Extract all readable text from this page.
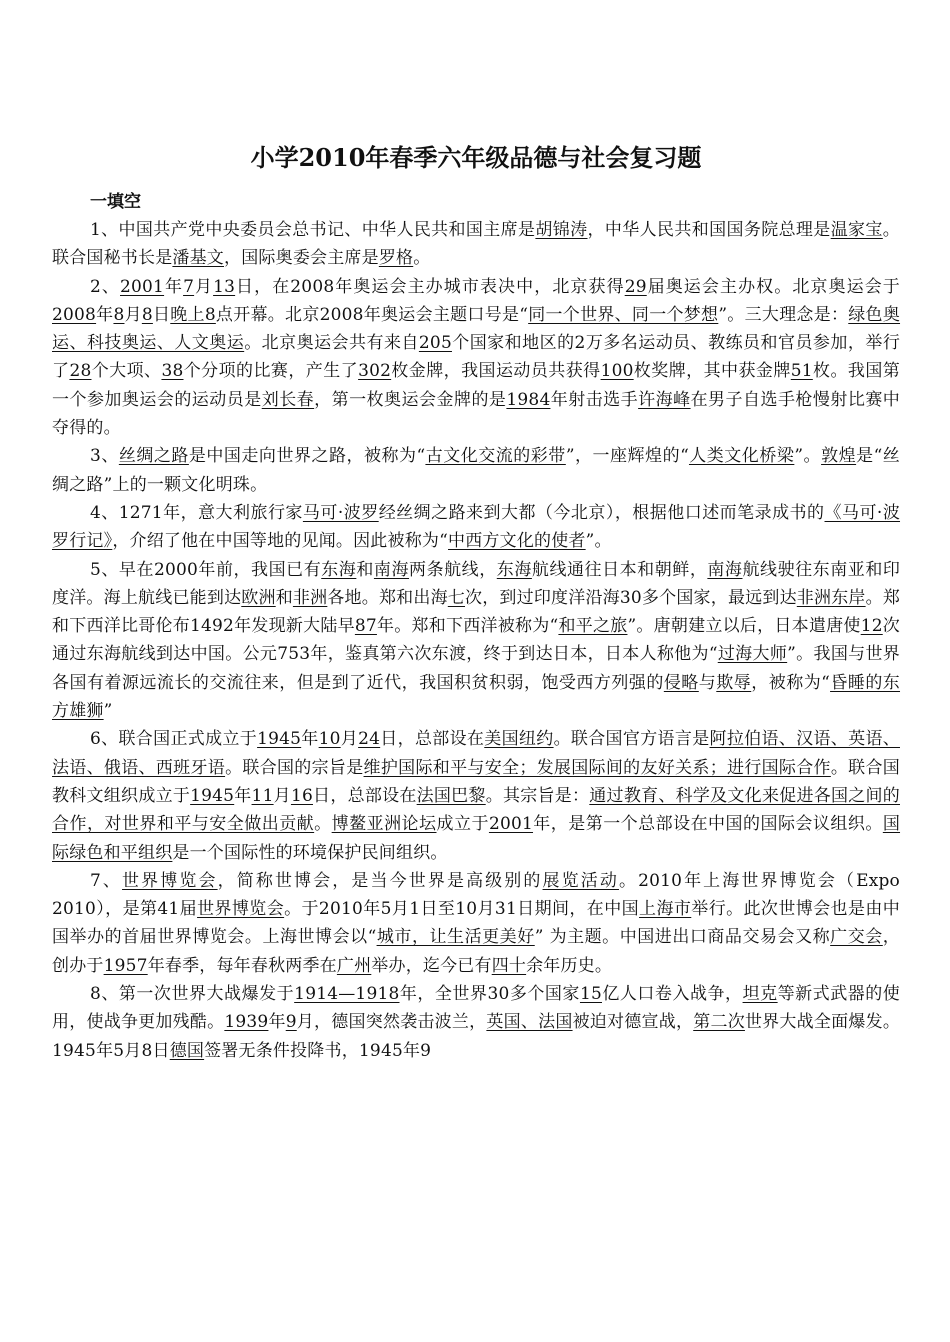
小学2010年春季六年级品德与社会复习题
一填空

1、中国共产党中央委员会总书记、中华人民共和国主席是胡锦涛，中华人民共和国国务院总理是温家宝。联合国秘书长是潘基文，国际奥委会主席是罗格。

2、2001年7月13日，在2008年奥运会主办城市表决中，北京获得29届奥运会主办权。北京奥运会于2008年8月8日晚上8点开幕。北京2008年奥运会主题口号是“同一个世界、同一个梦想”。三大理念是：绿色奥运、科技奥运、人文奥运。北京奥运会共有来自205个国家和地区的2万多名运动员、教练员和官员参加，举行了28个大项、38个分项的比赛，产生了302枚金牌，我国运动员共获得100枚奖牌，其中获金牌51枚。我国第一个参加奥运会的运动员是刘长春，第一枚奥运会金牌的是1984年射击选手许海峰在男子自选手枪慢射比赛中夺得的。

3、丝绸之路是中国走向世界之路，被称为“古文化交流的彩带”，一座辉煌的“人类文化桥梁”。敦煌是“丝绸之路”上的一颗文化明珠。

4、1271年，意大利旅行家马可·波罗经丝绸之路来到大都（今北京），根据他口述而笔录成书的《马可·波罗行记》，介绍了他在中国等地的见闻。因此被称为“中西方文化的使者”。

5、早在2000年前，我国已有东海和南海两条航线，东海航线通往日本和朝鲜，南海航线驶往东南亚和印度洋。海上航线已能到达欧洲和非洲各地。郑和出海七次，到过印度洋沿海30多个国家，最远到达非洲东岸。郑和下西洋比哥伦布1492年发现新大陆早87年。郑和下西洋被称为“和平之旅”。唐朝建立以后，日本遣唐使12次通过东海航线到达中国。公元753年，鉴真第六次东渡，终于到达日本，日本人称他为“过海大师”。我国与世界各国有着源远流长的交流往来，但是到了近代，我国积贫积弱，饱受西方列强的侵略与欺辱，被称为“昏睡的东方雄狮”

6、联合国正式成立于1945年10月24日，总部设在美国纽约。联合国官方语言是阿拉伯语、汉语、英语、法语、俄语、西班牙语。联合国的宗旨是维护国际和平与安全；发展国际间的友好关系；进行国际合作。联合国教科文组织成立于1945年11月16日，总部设在法国巴黎。其宗旨是：通过教育、科学及文化来促进各国之间的合作，对世界和平与安全做出贡献。博鳌亚洲论坛成立于2001年，是第一个总部设在中国的国际会议组织。国际绿色和平组织是一个国际性的环境保护民间组织。

7、世界博览会，简称世博会，是当今世界是高级别的展览活动。2010年上海世界博览会（Expo 2010），是第41届世界博览会。于2010年5月1日至10月31日期间，在中国上海市举行。此次世博会也是由中国举办的首届世界博览会。上海世博会以“城市，让生活更美好” 为主题。中国进出口商品交易会又称广交会，创办于1957年春季，每年春秋两季在广州举办，迄今已有四十余年历史。

8、第一次世界大战爆发于1914—1918年，全世界30多个国家15亿人口卷入战争，坦克等新式武器的使用，使战争更加残酷。1939年9月，德国突然袭击波兰，英国、法国被迫对德宣战，第二次世界大战全面爆发。1945年5月8日德国签署无条件投降书，1945年9
